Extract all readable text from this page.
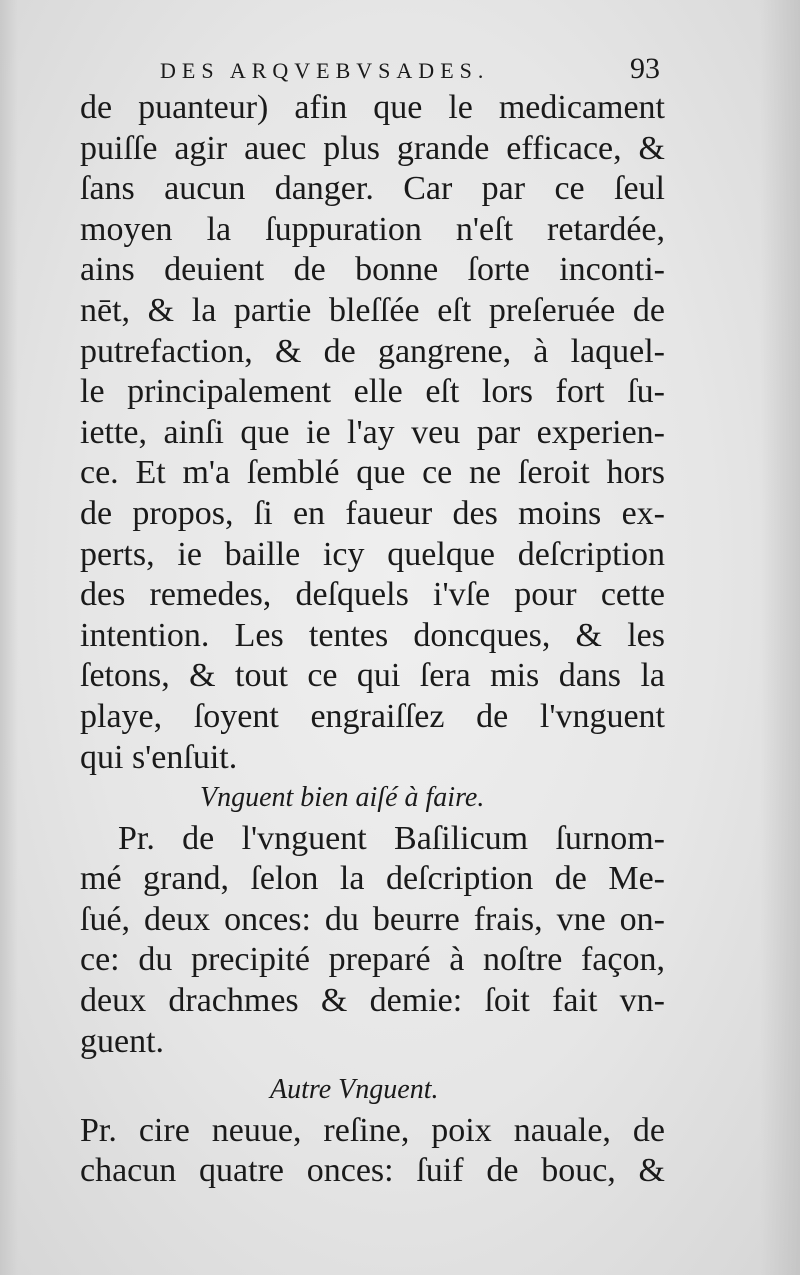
DES ARQVEBVSADES.	93
de puanteur) afin que le medicament
puiſſe agir auec plus grande efficace, &
ſans aucun danger. Car par ce ſeul
moyen la ſuppuration n'eſt retardée,
ains deuient de bonne ſorte inconti-
nēt, & la partie bleſſée eſt preſeruée de
putrefaction, & de gangrene, à laquel-
le principalement elle eſt lors fort ſu-
iette, ainſi que ie l'ay veu par experien-
ce. Et m'a ſemblé que ce ne ſeroit hors
de propos, ſi en faueur des moins ex-
perts, ie baille icy quelque deſcription
des remedes, deſquels i'vſe pour cette
intention. Les tentes doncques, & les
ſetons, & tout ce qui ſera mis dans la
playe, ſoyent engraiſſez de l'vnguent
qui s'enſuit.
Vnguent bien aiſé à faire.
Pr. de l'vnguent Baſilicum ſurnom-
mé grand, ſelon la deſcription de Me-
ſué, deux onces: du beurre frais, vne on-
ce: du precipité preparé à noſtre façon,
deux drachmes & demie: ſoit fait vn-
guent.
Autre Vnguent.
Pr. cire neuue, reſine, poix nauale, de
chacun quatre onces: ſuif de bouc, &
